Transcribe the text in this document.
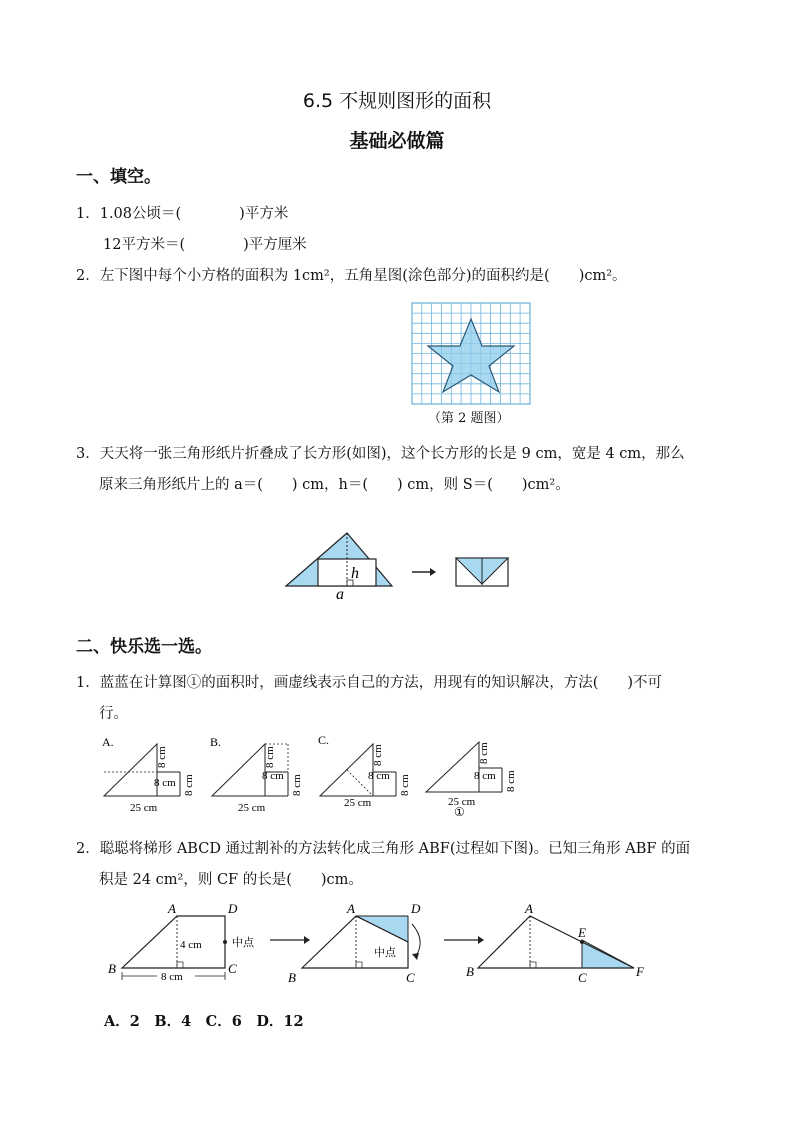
6.5 不规则图形的面积
基础必做篇
一、填空。
1．1.08公顷＝(　　　　)平方米
12平方米＝(　　　　)平方厘米
2．左下图中每个小方格的面积为 1cm²，五角星图(涂色部分)的面积约是(　　)cm²。
（第 2 题图）
3．天天将一张三角形纸片折叠成了长方形(如图)，这个长方形的长是 9 cm，宽是 4 cm，那么
原来三角形纸片上的 a＝(　　) cm，h＝(　　) cm，则 S＝(　　)cm²。
h
a
二、快乐选一选。
1．蓝蓝在计算图①的面积时，画虚线表示自己的方法，用现有的知识解决，方法(　　)不可
行。
A.
8 cm
25 cm
8 cm
8 cm
B.
8 cm
25 cm
8 cm
8 cm
C.
8 cm
25 cm
8 cm
8 cm	8 cm
25 cm
①
8 cm
8 cm
2．聪聪将梯形 ABCD 通过割补的方法转化成三角形 ABF(过程如下图)。已知三角形 ABF 的面
积是 24 cm²，则 CF 的长是(　　)cm。
8 cm
4 cm	中点
A	D
B	C
中点
A	D
B	C
A
E
B	C	F
A．2　B．4　C．6　D．12
